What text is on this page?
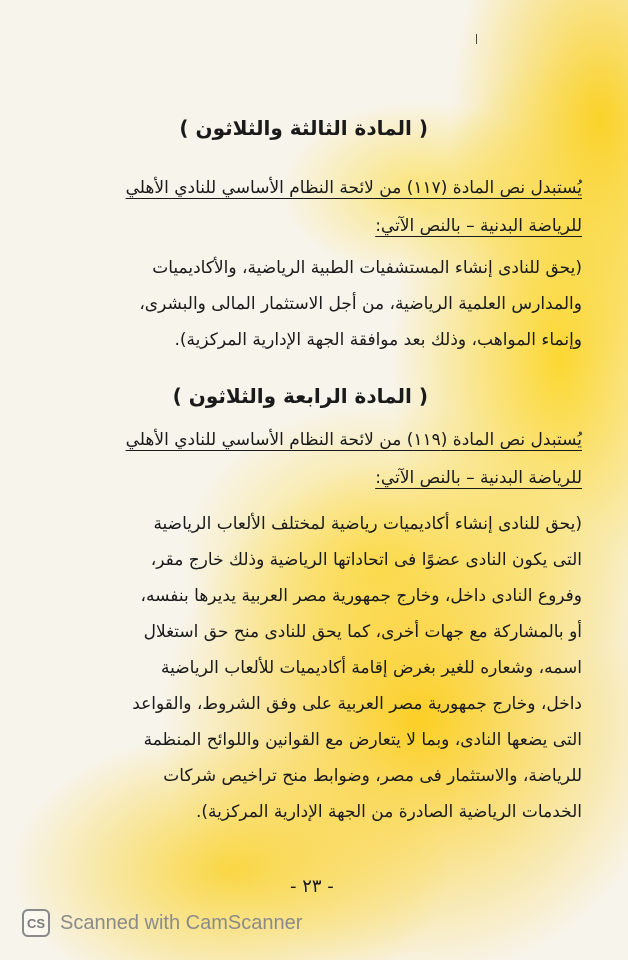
( المادة الثالثة والثلاثون )
يُستبدل نص المادة (١١٧) من لائحة النظام الأساسي للنادي الأهلي
للرياضة البدنية – بالنص الآتي:
(يحق للنادى إنشاء المستشفيات الطبية الرياضية، والأكاديميات
والمدارس العلمية الرياضية، من أجل الاستثمار المالى والبشرى،
وإنماء المواهب، وذلك بعد موافقة الجهة الإدارية المركزية).
( المادة الرابعة والثلاثون )
يُستبدل نص المادة (١١٩) من لائحة النظام الأساسي للنادي الأهلي
للرياضة البدنية – بالنص الآتي:
(يحق للنادى إنشاء أكاديميات رياضية لمختلف الألعاب الرياضية
التى يكون النادى عضوًا فى اتحاداتها الرياضية وذلك خارج مقر،
وفروع النادى داخل، وخارج جمهورية مصر العربية يديرها بنفسه،
أو بالمشاركة مع جهات أخرى، كما يحق للنادى منح حق استغلال
اسمه، وشعاره للغير بغرض إقامة أكاديميات للألعاب الرياضية
داخل، وخارج جمهورية مصر العربية على وفق الشروط، والقواعد
التى يضعها النادى، وبما لا يتعارض مع القوانين واللوائح المنظمة
للرياضة، والاستثمار فى مصر، وضوابط منح تراخيص شركات
الخدمات الرياضية الصادرة من الجهة الإدارية المركزية).
- ٢٣ -
CS Scanned with CamScanner
